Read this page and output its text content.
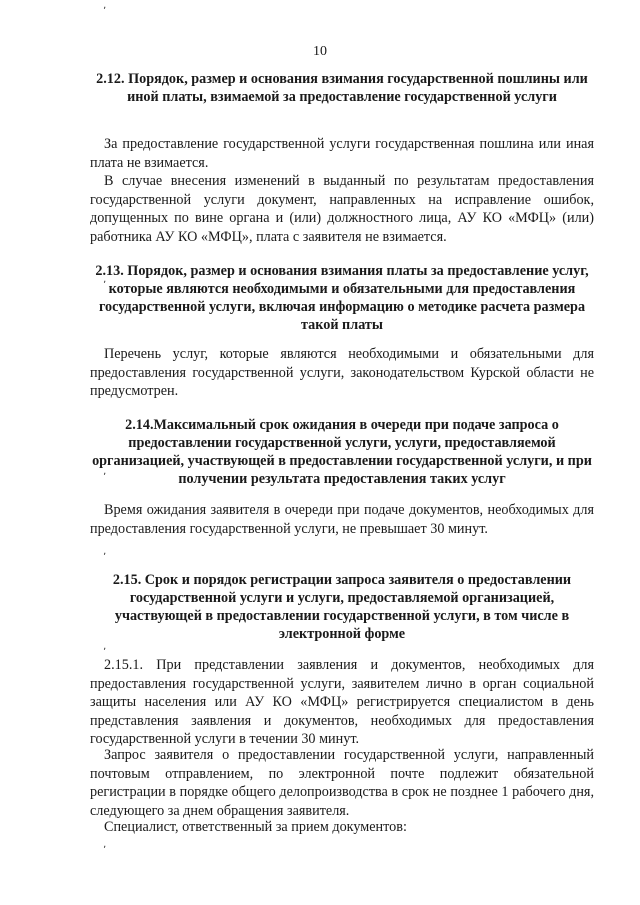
ʼ
10
2.12. Порядок, размер и основания взимания государственной пошлины или иной платы, взимаемой за предоставление государственной услуги
За предоставление государственной услуги государственная пошлина или иная плата не взимается.
В случае внесения изменений в выданный по результатам предоставления государственной услуги документ, направленных на исправление ошибок, допущенных по вине органа и (или) должностного лица, АУ КО «МФЦ» (или) работника АУ КО «МФЦ», плата с заявителя не взимается.
2.13. Порядок, размер и основания взимания платы за предоставление услуг, которые являются необходимыми и обязательными для предоставления государственной услуги, включая информацию о методике расчета размера такой платы
Перечень услуг, которые являются необходимыми и обязательными для предоставления государственной услуги, законодательством Курской области не предусмотрен.
2.14.Максимальный срок ожидания в очереди при подаче запроса о предоставлении государственной услуги, услуги, предоставляемой организацией, участвующей в предоставлении государственной услуги, и при получении результата предоставления таких услуг
Время ожидания заявителя в очереди при подаче документов, необходимых для предоставления государственной услуги, не превышает 30 минут.
2.15. Срок и порядок регистрации запроса заявителя о предоставлении государственной услуги и услуги, предоставляемой организацией, участвующей в предоставлении государственной услуги, в том числе в электронной форме
2.15.1. При представлении заявления и документов, необходимых для предоставления государственной услуги, заявителем лично в орган социальной защиты населения или АУ КО «МФЦ» регистрируется специалистом в день представления заявления и документов, необходимых для предоставления государственной услуги в течении 30 минут.
Запрос заявителя о предоставлении государственной услуги, направленный почтовым отправлением, по электронной почте подлежит обязательной регистрации в порядке общего делопроизводства в срок не позднее 1 рабочего дня, следующего за днем обращения заявителя.
Специалист, ответственный за прием документов:
ʼ
ʼ
ʼ
ʼ
ʼ
